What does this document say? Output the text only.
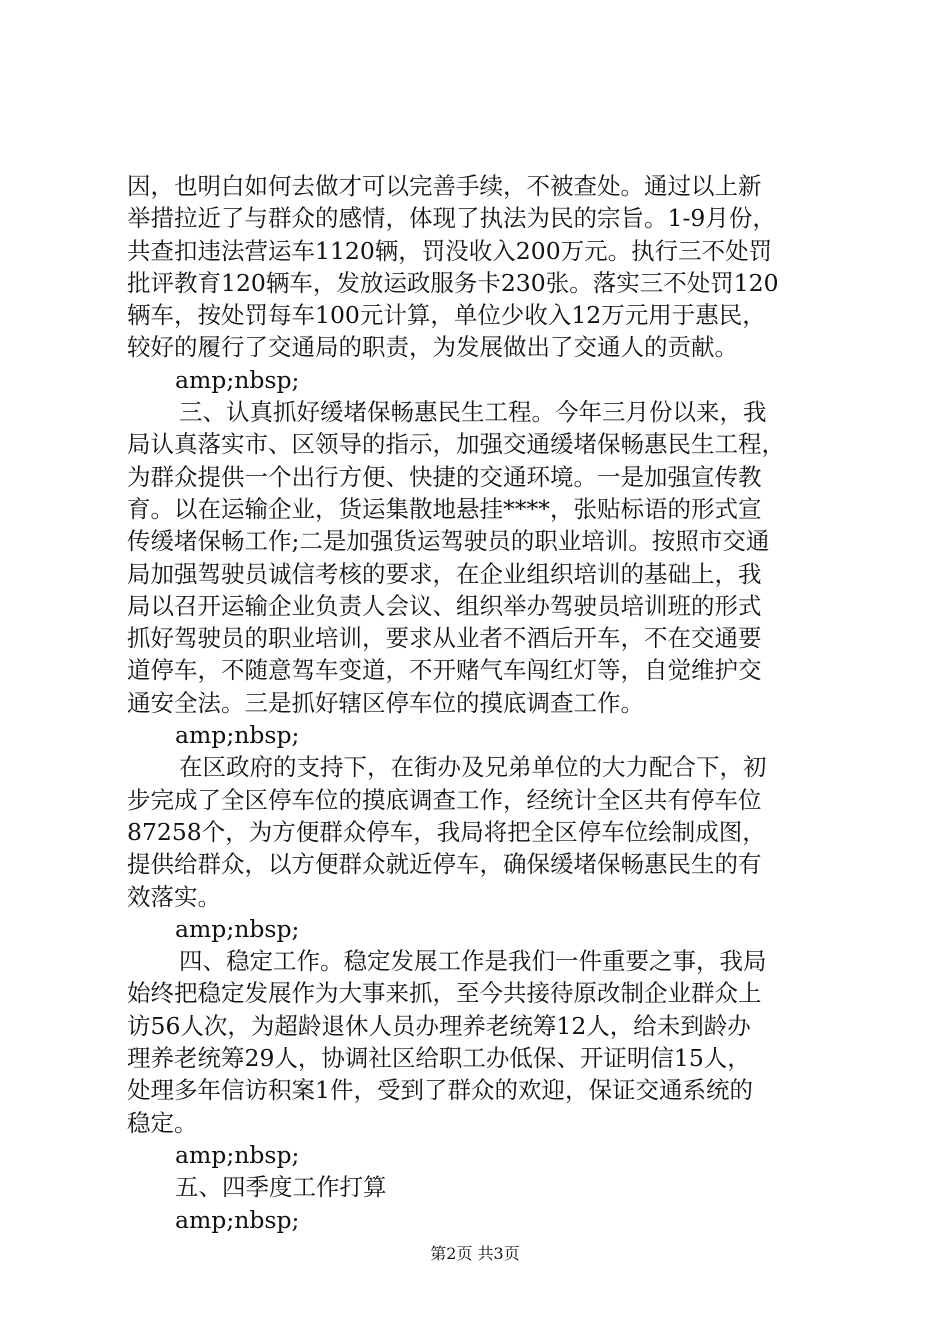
因，也明白如何去做才可以完善手续，不被查处。通过以上新
举措拉近了与群众的感情，体现了执法为民的宗旨。1-9月份，
共查扣违法营运车1120辆，罚没收入200万元。执行三不处罚
批评教育120辆车，发放运政服务卡230张。落实三不处罚120
辆车，按处罚每车100元计算，单位少收入12万元用于惠民，
较好的履行了交通局的职责，为发展做出了交通人的贡献。
amp;nbsp;
三、认真抓好缓堵保畅惠民生工程。今年三月份以来，我
局认真落实市、区领导的指示，加强交通缓堵保畅惠民生工程，
为群众提供一个出行方便、快捷的交通环境。一是加强宣传教
育。以在运输企业，货运集散地悬挂****，张贴标语的形式宣
传缓堵保畅工作;二是加强货运驾驶员的职业培训。按照市交通
局加强驾驶员诚信考核的要求，在企业组织培训的基础上，我
局以召开运输企业负责人会议、组织举办驾驶员培训班的形式
抓好驾驶员的职业培训，要求从业者不酒后开车，不在交通要
道停车，不随意驾车变道，不开赌气车闯红灯等，自觉维护交
通安全法。三是抓好辖区停车位的摸底调查工作。
amp;nbsp;
在区政府的支持下，在街办及兄弟单位的大力配合下，初
步完成了全区停车位的摸底调查工作，经统计全区共有停车位
87258个，为方便群众停车，我局将把全区停车位绘制成图，
提供给群众，以方便群众就近停车，确保缓堵保畅惠民生的有
效落实。
amp;nbsp;
四、稳定工作。稳定发展工作是我们一件重要之事，我局
始终把稳定发展作为大事来抓，至今共接待原改制企业群众上
访56人次，为超龄退休人员办理养老统筹12人，给未到龄办
理养老统筹29人，协调社区给职工办低保、开证明信15人，
处理多年信访积案1件，受到了群众的欢迎，保证交通系统的
稳定。
amp;nbsp;
五、四季度工作打算
amp;nbsp;
第2页 共3页
